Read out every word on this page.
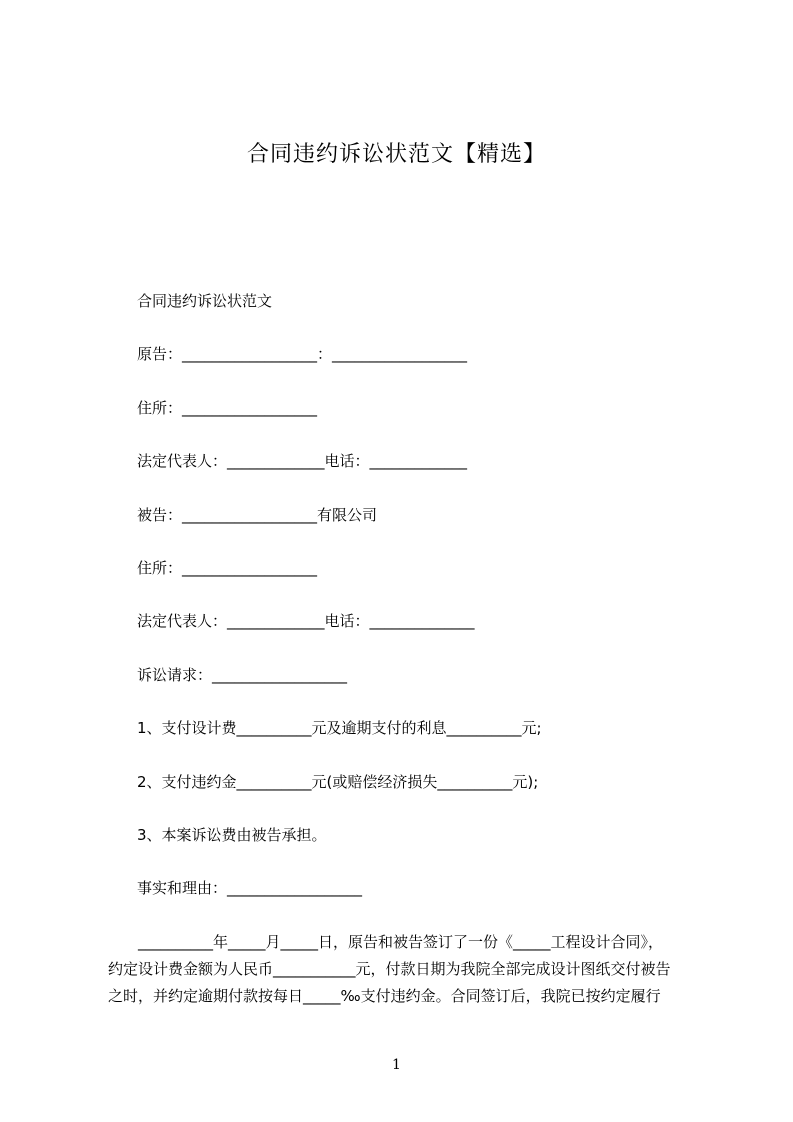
合同违约诉讼状范文【精选】
合同违约诉讼状范文
原告：__________________：__________________
住所：__________________
法定代表人：_____________电话：_____________
被告：__________________有限公司
住所：__________________
法定代表人：_____________电话：______________
诉讼请求：__________________
1、支付设计费__________元及逾期支付的利息__________元;
2、支付违约金__________元(或赔偿经济损失__________元);
3、本案诉讼费由被告承担。
事实和理由：__________________
　　__________年_____月_____日，原告和被告签订了一份《_____工程设计合同》，
约定设计费金额为人民币___________元，付款日期为我院全部完成设计图纸交付被告
之时，并约定逾期付款按每日_____‰支付违约金。合同签订后，我院已按约定履行
1
